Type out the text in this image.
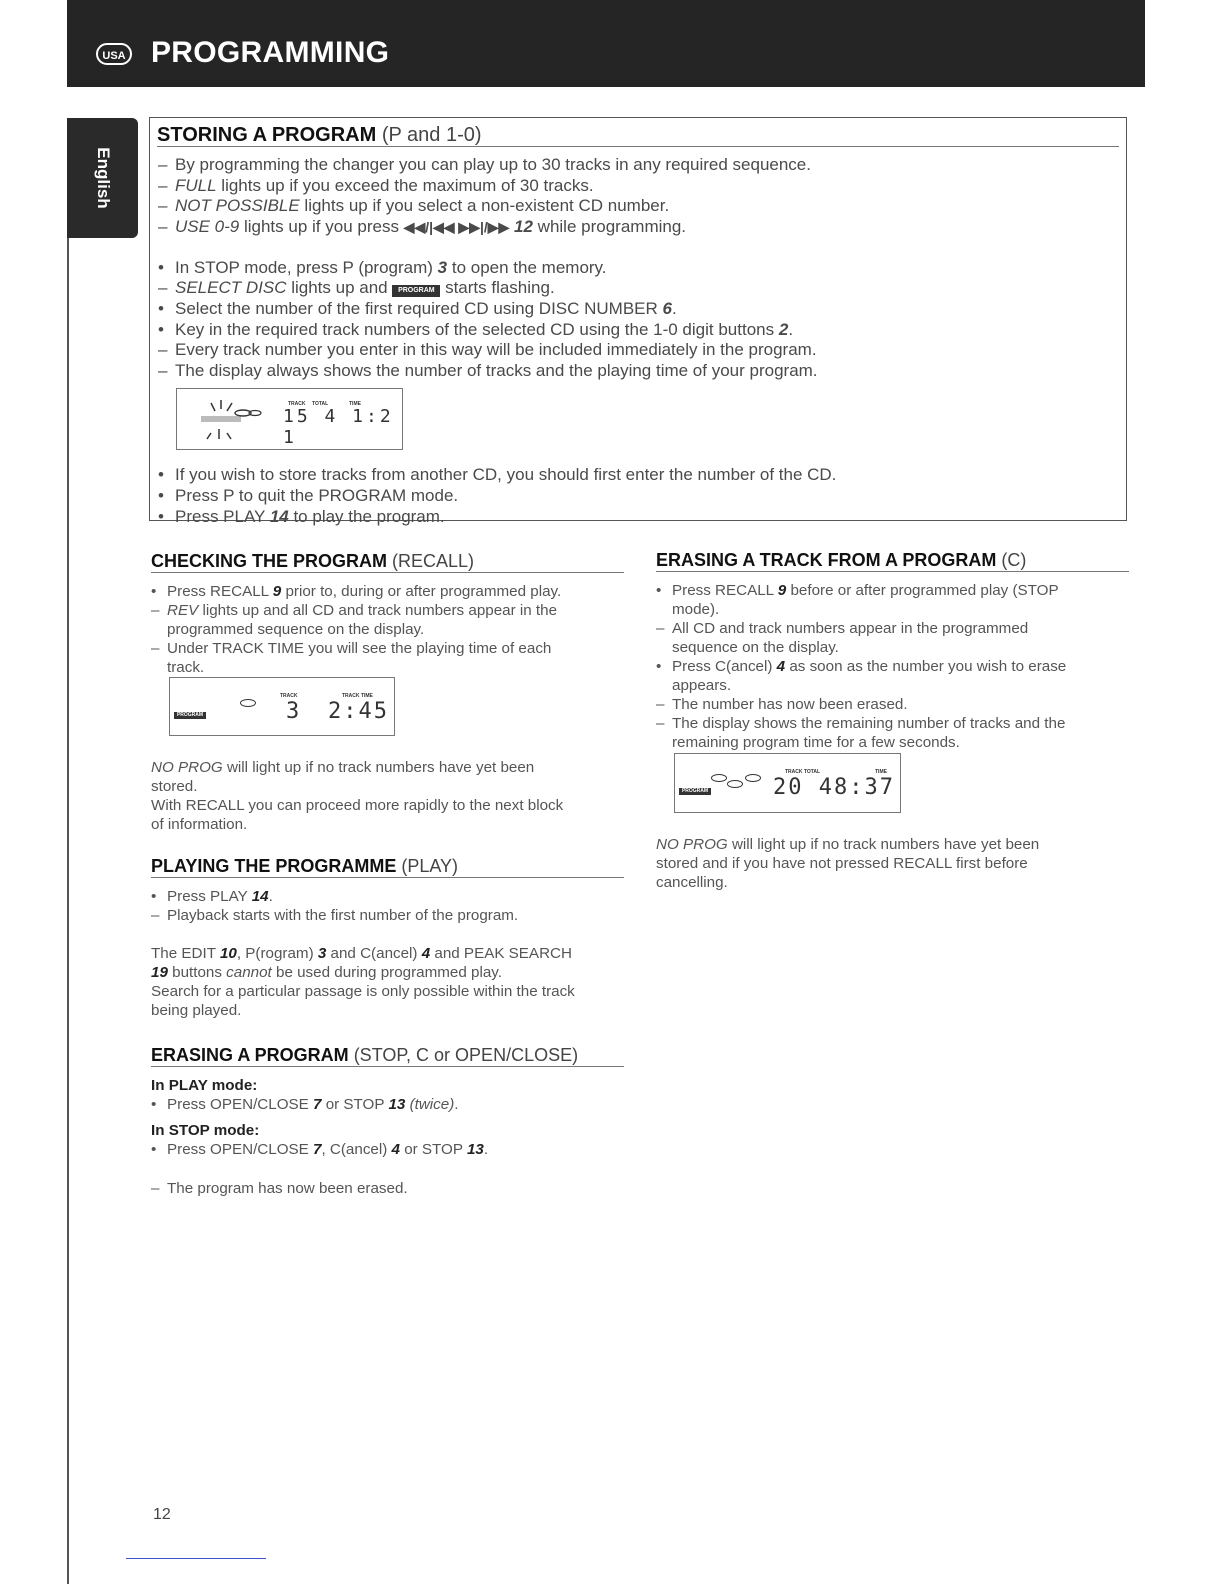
USA PROGRAMMING
English
STORING A PROGRAM (P and 1-0)
– By programming the changer you can play up to 30 tracks in any required sequence.
– FULL lights up if you exceed the maximum of 30 tracks.
– NOT POSSIBLE lights up if you select a non-existent CD number.
– USE 0-9 lights up if you press ◀◀/|◀◀ ▶▶|/▶▶ 12 while programming.
• In STOP mode, press P (program) 3 to open the memory.
– SELECT DISC lights up and PROGRAM starts flashing.
• Select the number of the first required CD using DISC NUMBER 6.
• Key in the required track numbers of the selected CD using the 1-0 digit buttons 2.
– Every track number you enter in this way will be included immediately in the program.
– The display always shows the number of tracks and the playing time of your program.
• If you wish to store tracks from another CD, you should first enter the number of the CD.
• Press P to quit the PROGRAM mode.
• Press PLAY 14 to play the program.
TRACK TOTAL	TIME
15 4 1:2 1
CHECKING THE PROGRAM (RECALL)
• Press RECALL 9 prior to, during or after programmed play.
– REV lights up and all CD and track numbers appear in the
programmed sequence on the display.
– Under TRACK TIME you will see the playing time of each
track.
NO PROG will light up if no track numbers have yet been
stored.
With RECALL you can proceed more rapidly to the next block
of information.
PROGRAM
TRACK	TRACK TIME
3 2:45
PLAYING THE PROGRAMME (PLAY)
• Press PLAY 14.
– Playback starts with the first number of the program.
The EDIT 10, P(rogram) 3 and C(ancel) 4 and PEAK SEARCH
19 buttons cannot be used during programmed play.
Search for a particular passage is only possible within the track
being played.
ERASING A PROGRAM (STOP, C or OPEN/CLOSE)
In PLAY mode:
• Press OPEN/CLOSE 7 or STOP 13 (twice).
In STOP mode:
• Press OPEN/CLOSE 7, C(ancel) 4 or STOP 13.
– The program has now been erased.
ERASING A TRACK FROM A PROGRAM (C)
• Press RECALL 9 before or after programmed play (STOP
mode).
– All CD and track numbers appear in the programmed
sequence on the display.
• Press C(ancel) 4 as soon as the number you wish to erase
appears.
– The number has now been erased.
– The display shows the remaining number of tracks and the
remaining program time for a few seconds.
NO PROG will light up if no track numbers have yet been
stored and if you have not pressed RECALL first before
cancelling.
PROGRAM
TRACK TOTAL	TIME
20 48:37
12
